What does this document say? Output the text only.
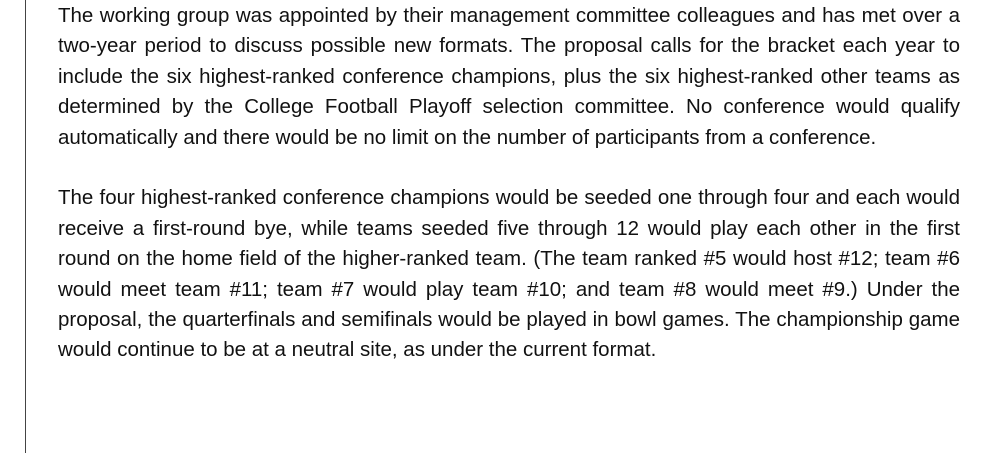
The working group was appointed by their management committee colleagues and has met over a two-year period to discuss possible new formats. The proposal calls for the bracket each year to include the six highest-ranked conference champions, plus the six highest-ranked other teams as determined by the College Football Playoff selection committee. No conference would qualify automatically and there would be no limit on the number of participants from a conference.

The four highest-ranked conference champions would be seeded one through four and each would receive a first-round bye, while teams seeded five through 12 would play each other in the first round on the home field of the higher-ranked team. (The team ranked #5 would host #12; team #6 would meet team #11; team #7 would play team #10; and team #8 would meet #9.) Under the proposal, the quarterfinals and semifinals would be played in bowl games. The championship game would continue to be at a neutral site, as under the current format.
